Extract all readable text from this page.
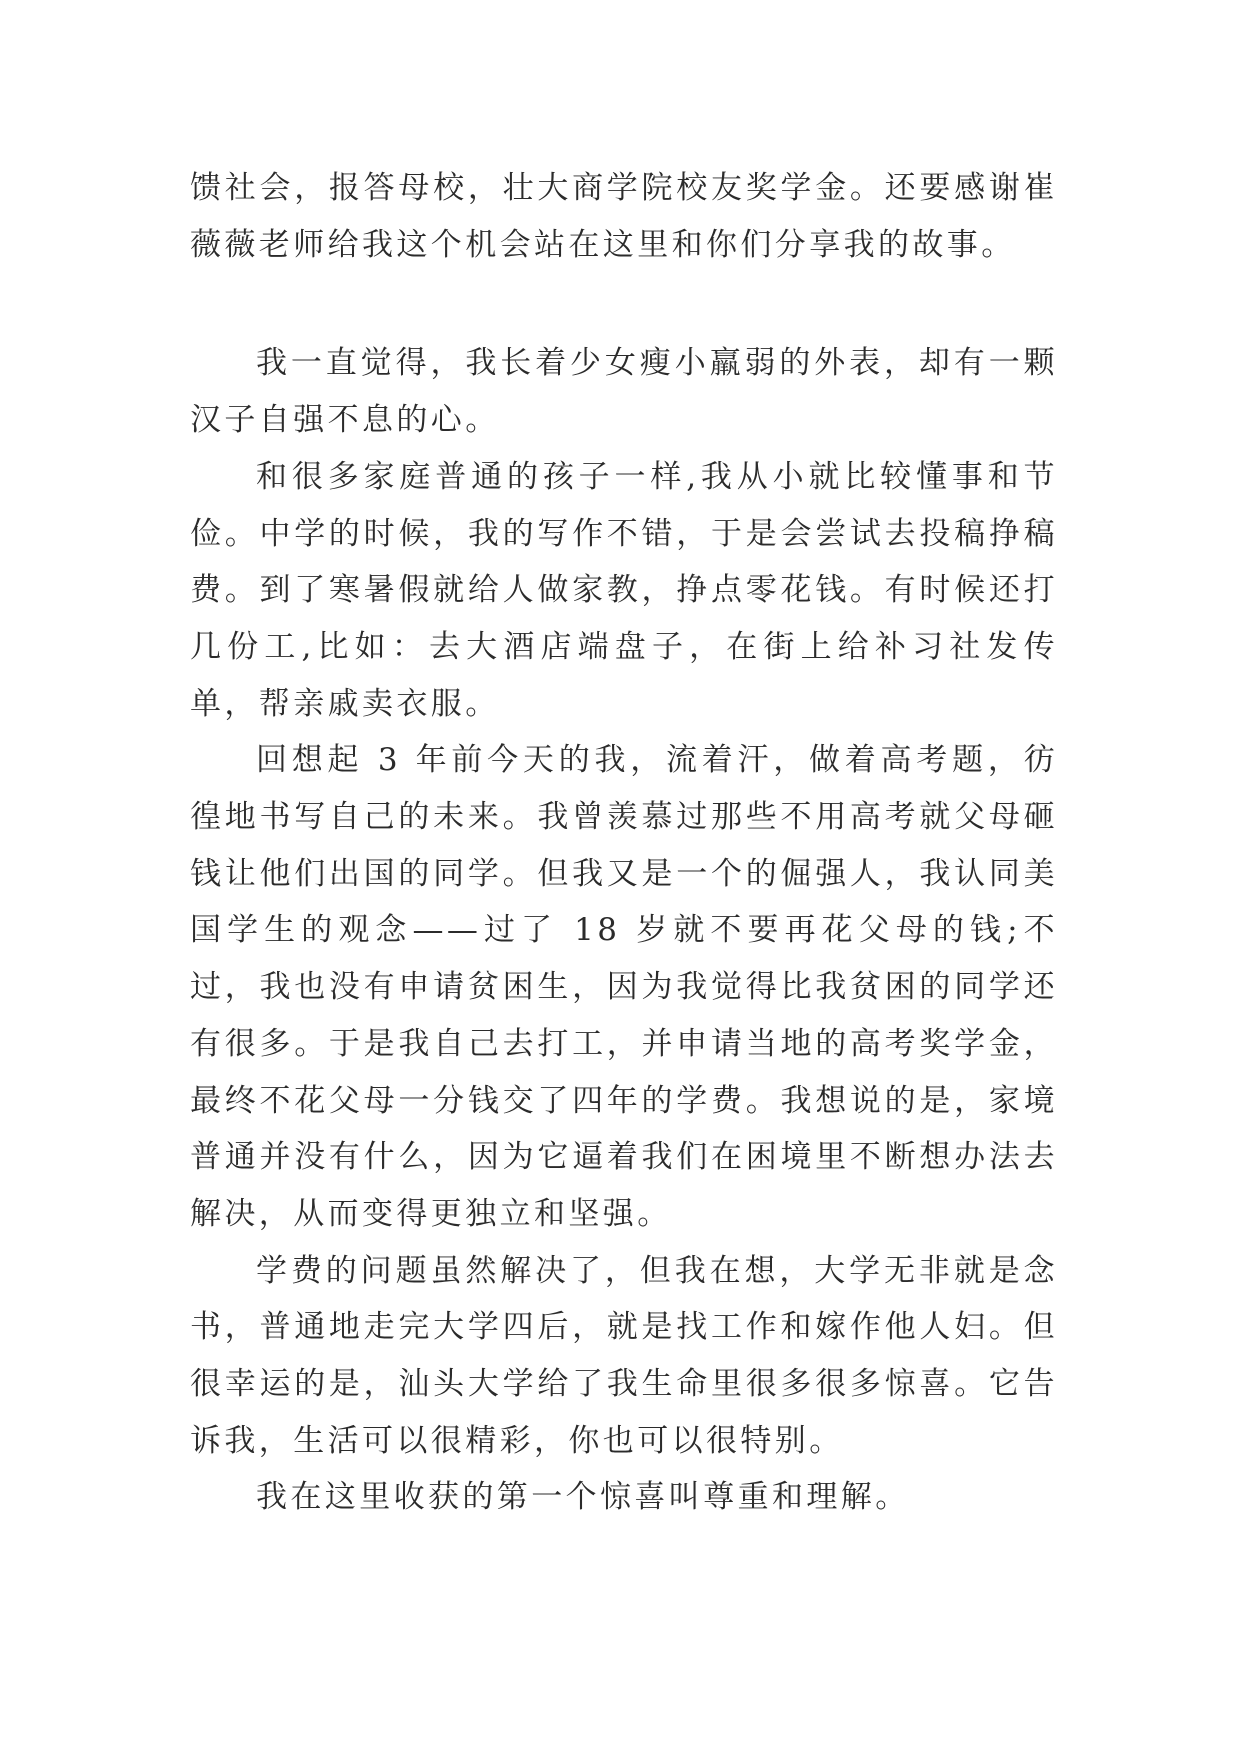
馈社会，报答母校，壮大商学院校友奖学金。还要感谢崔薇薇老师给我这个机会站在这里和你们分享我的故事。

我一直觉得，我长着少女瘦小羸弱的外表，却有一颗汉子自强不息的心。

和很多家庭普通的孩子一样,我从小就比较懂事和节俭。中学的时候，我的写作不错，于是会尝试去投稿挣稿费。到了寒暑假就给人做家教，挣点零花钱。有时候还打几份工,比如：去大酒店端盘子，在街上给补习社发传单，帮亲戚卖衣服。

回想起 3 年前今天的我，流着汗，做着高考题，彷徨地书写自己的未来。我曾羡慕过那些不用高考就父母砸钱让他们出国的同学。但我又是一个的倔强人，我认同美国学生的观念——过了 18 岁就不要再花父母的钱;不过，我也没有申请贫困生，因为我觉得比我贫困的同学还有很多。于是我自己去打工，并申请当地的高考奖学金，最终不花父母一分钱交了四年的学费。我想说的是，家境普通并没有什么，因为它逼着我们在困境里不断想办法去解决，从而变得更独立和坚强。

学费的问题虽然解决了，但我在想，大学无非就是念书，普通地走完大学四后，就是找工作和嫁作他人妇。但很幸运的是，汕头大学给了我生命里很多很多惊喜。它告诉我，生活可以很精彩，你也可以很特别。

我在这里收获的第一个惊喜叫尊重和理解。
